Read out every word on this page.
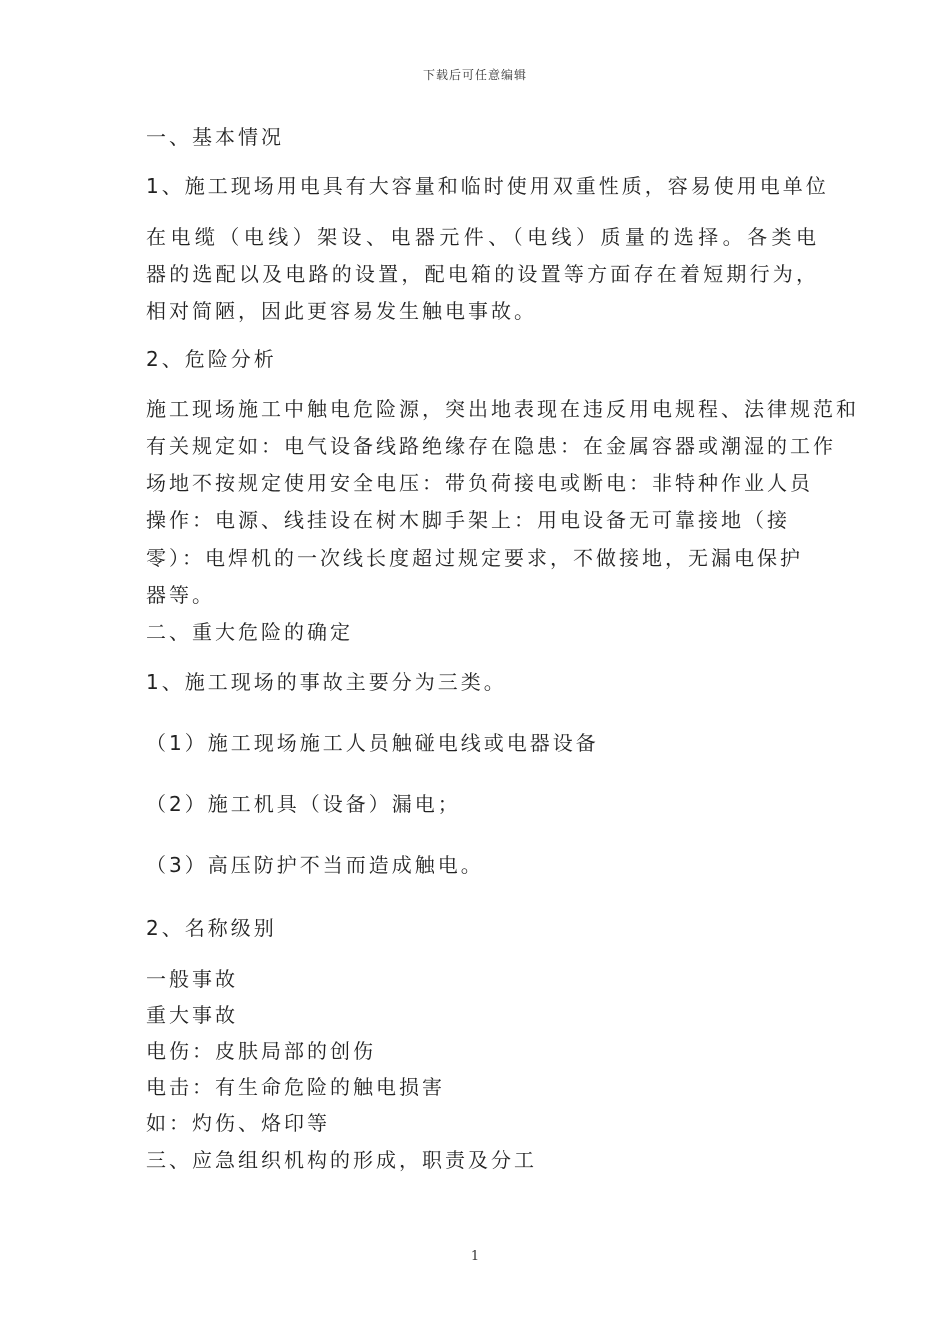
下载后可任意编辑
一、基本情况
1、施工现场用电具有大容量和临时使用双重性质，容易使用电单位
在电缆（电线）架设、电器元件、（电线）质量的选择。各类电
器的选配以及电路的设置，配电箱的设置等方面存在着短期行为，
相对简陋，因此更容易发生触电事故。
2、危险分析
施工现场施工中触电危险源，突出地表现在违反用电规程、法律规范和
有关规定如：电气设备线路绝缘存在隐患：在金属容器或潮湿的工作
场地不按规定使用安全电压：带负荷接电或断电：非特种作业人员
操作：电源、线挂设在树木脚手架上：用电设备无可靠接地（接
零）：电焊机的一次线长度超过规定要求，不做接地，无漏电保护
器等。
二、重大危险的确定
1、施工现场的事故主要分为三类。
（1）施工现场施工人员触碰电线或电器设备
（2）施工机具（设备）漏电；
（3）高压防护不当而造成触电。
2、名称级别
一般事故
重大事故
电伤：皮肤局部的创伤
电击：有生命危险的触电损害
如：灼伤、烙印等
三、应急组织机构的形成，职责及分工
1
